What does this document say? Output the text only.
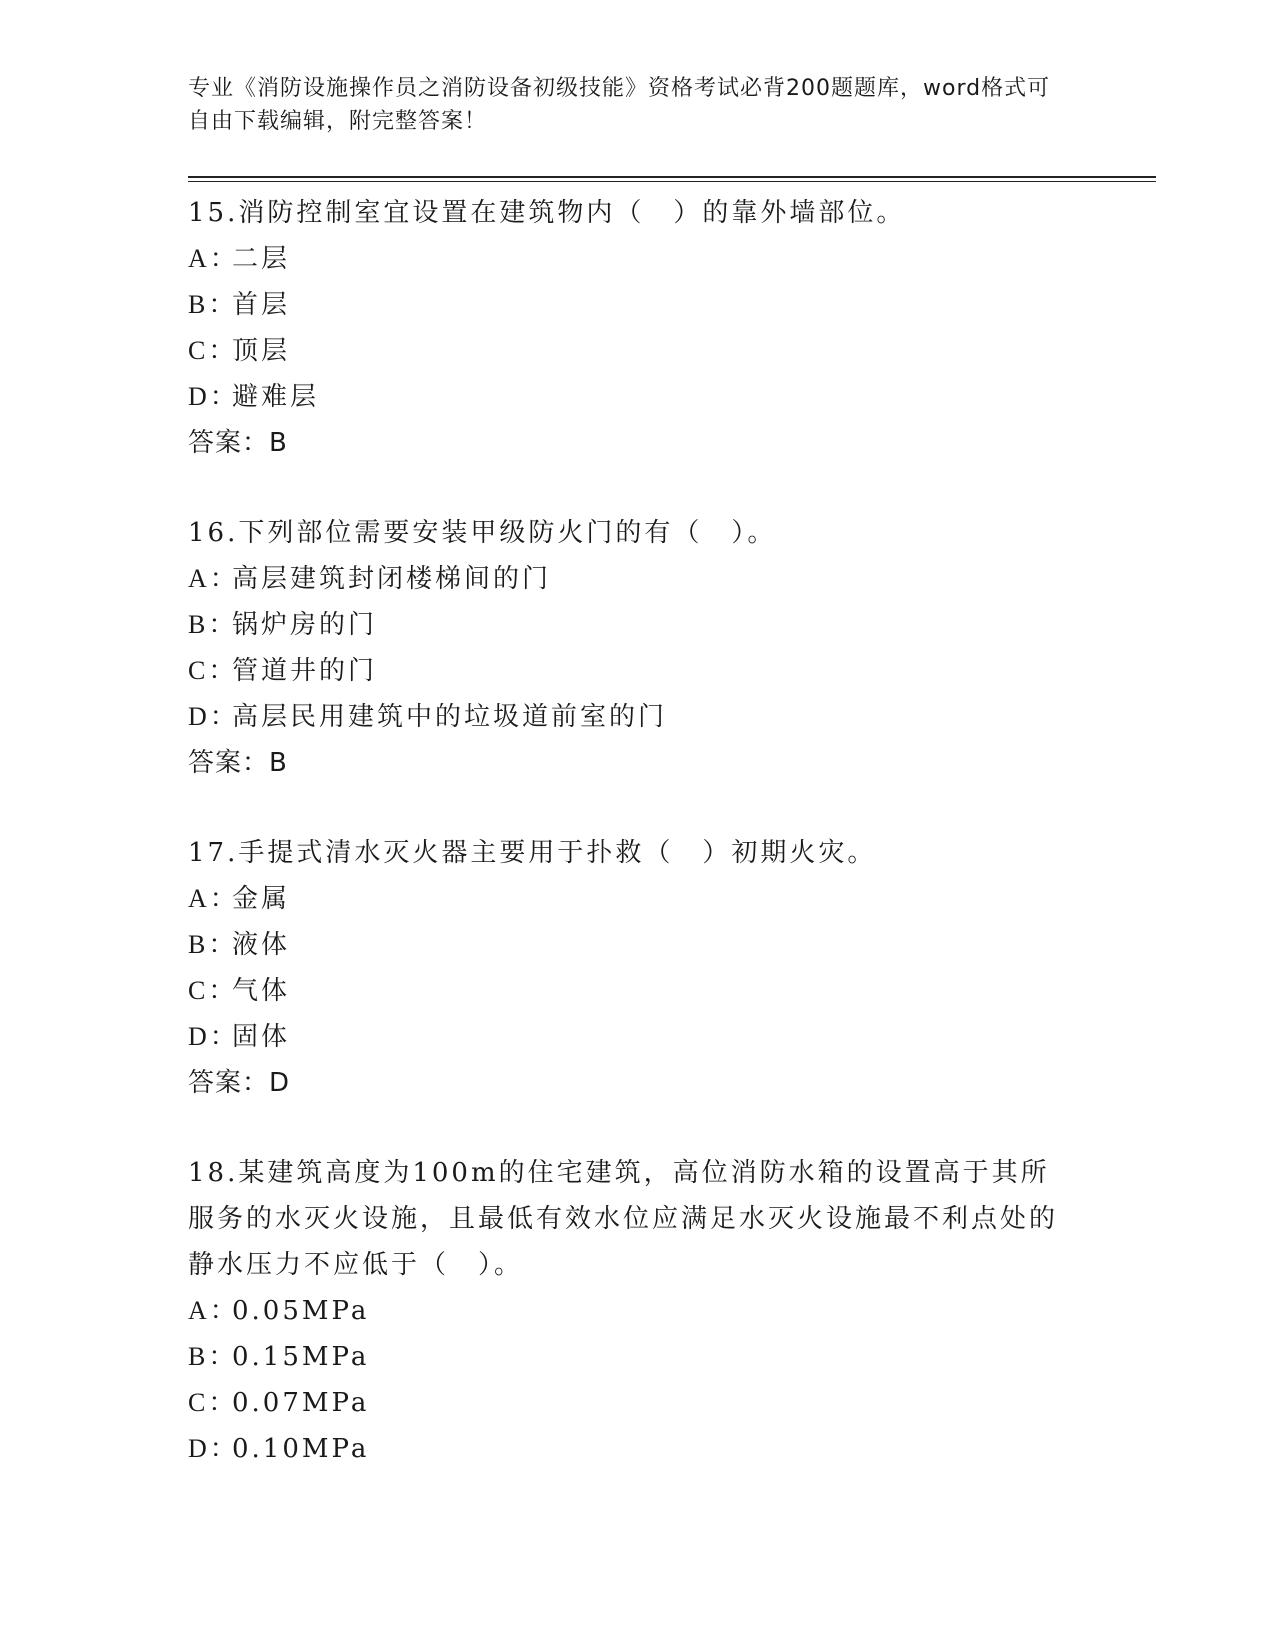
专业《消防设施操作员之消防设备初级技能》资格考试必背200题题库，word格式可自由下载编辑，附完整答案！

15.消防控制室宜设置在建筑物内（　）的靠外墙部位。

A：二层

B：首层

C：顶层

D：避难层

答案：B

16.下列部位需要安装甲级防火门的有（　）。

A：高层建筑封闭楼梯间的门

B：锅炉房的门

C：管道井的门

D：高层民用建筑中的垃圾道前室的门

答案：B

17.手提式清水灭火器主要用于扑救（　）初期火灾。

A：金属

B：液体

C：气体

D：固体

答案：D

18.某建筑高度为100m的住宅建筑，高位消防水箱的设置高于其所服务的水灭火设施，且最低有效水位应满足水灭火设施最不利点处的静水压力不应低于（　）。

A：0.05MPa

B：0.15MPa

C：0.07MPa

D：0.10MPa
